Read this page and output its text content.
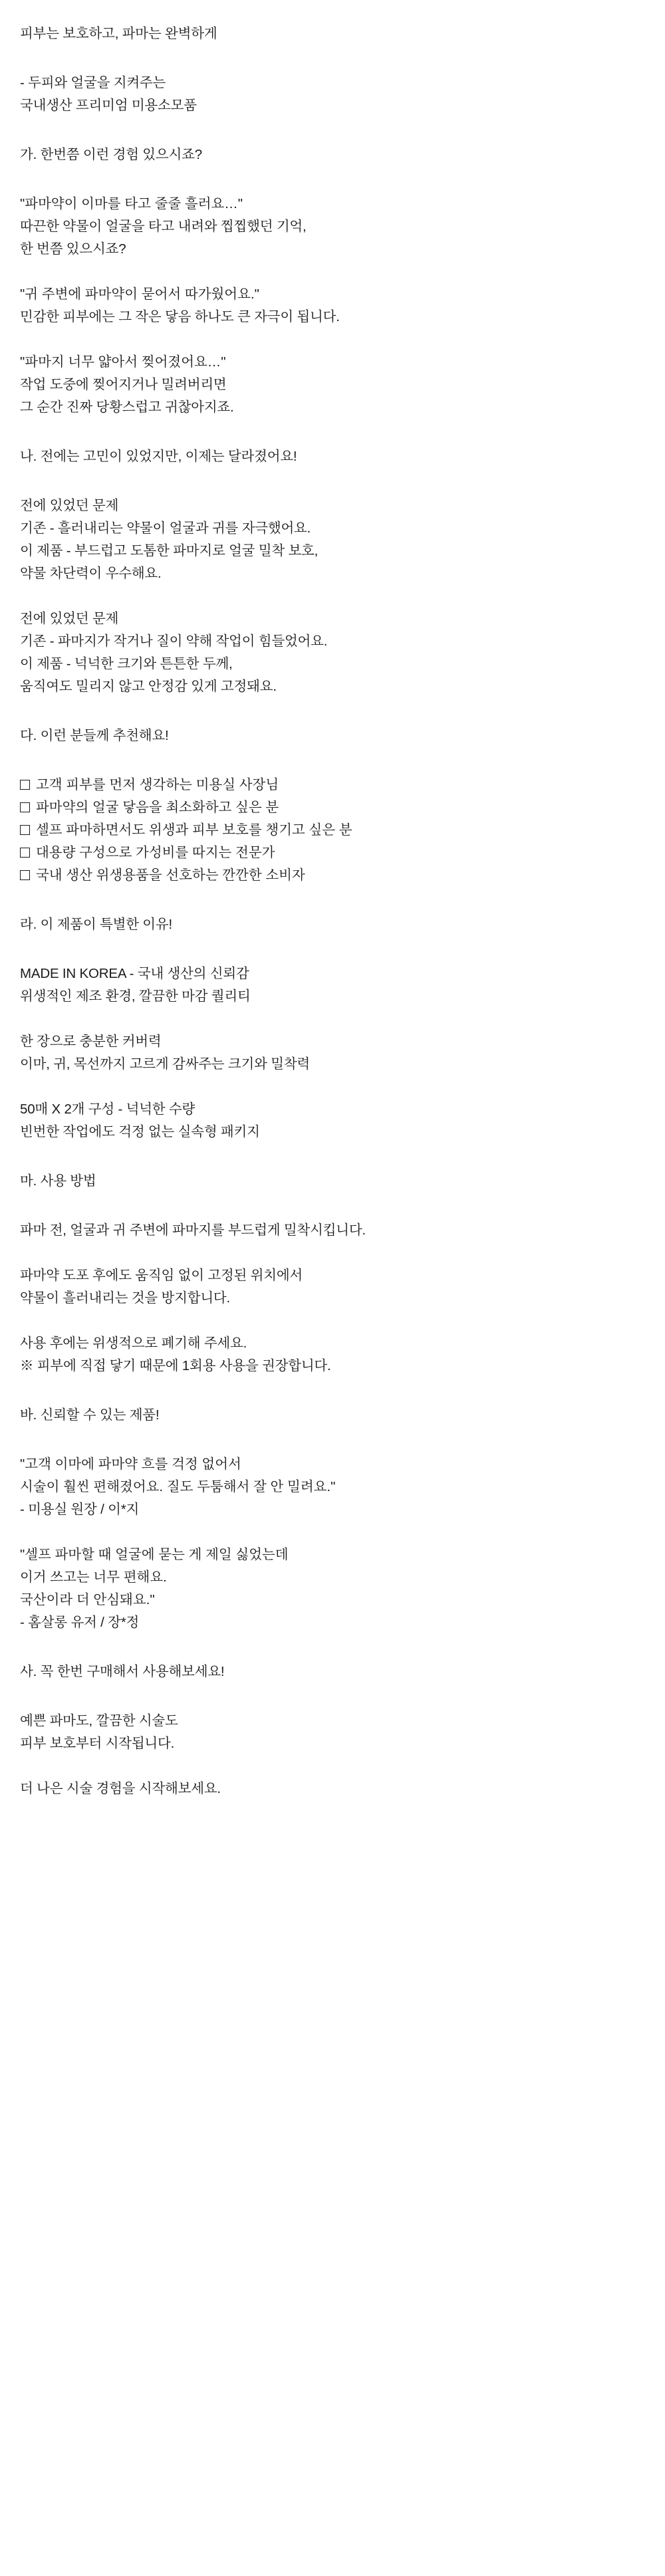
피부는 보호하고, 파마는 완벽하게
- 두피와 얼굴을 지켜주는
국내생산 프리미엄 미용소모품
가. 한번쯤 이런 경험 있으시죠?
"파마약이 이마를 타고 줄줄 흘러요…"
따끈한 약물이 얼굴을 타고 내려와 찝찝했던 기억,
한 번쯤 있으시죠?
"귀 주변에 파마약이 묻어서 따가웠어요."
민감한 피부에는 그 작은 닿음 하나도 큰 자극이 됩니다.
"파마지 너무 얇아서 찢어졌어요…"
작업 도중에 찢어지거나 밀려버리면
그 순간 진짜 당황스럽고 귀찮아지죠.
나. 전에는 고민이 있었지만, 이제는 달라졌어요!
전에 있었던 문제
기존 - 흘러내리는 약물이 얼굴과 귀를 자극했어요.
이 제품 - 부드럽고 도톰한 파마지로 얼굴 밀착 보호,
약물 차단력이 우수해요.
전에 있었던 문제
기존 - 파마지가 작거나 질이 약해 작업이 힘들었어요.
이 제품 - 넉넉한 크기와 튼튼한 두께,
움직여도 밀리지 않고 안정감 있게 고정돼요.
다. 이런 분들께 추천해요!
고객 피부를 먼저 생각하는 미용실 사장님
파마약의 얼굴 닿음을 최소화하고 싶은 분
셀프 파마하면서도 위생과 피부 보호를 챙기고 싶은 분
대용량 구성으로 가성비를 따지는 전문가
국내 생산 위생용품을 선호하는 깐깐한 소비자
라. 이 제품이 특별한 이유!
MADE IN KOREA - 국내 생산의 신뢰감
위생적인 제조 환경, 깔끔한 마감 퀄리티
한 장으로 충분한 커버력
이마, 귀, 목선까지 고르게 감싸주는 크기와 밀착력
50매 X 2개 구성 - 넉넉한 수량
빈번한 작업에도 걱정 없는 실속형 패키지
마. 사용 방법
파마 전, 얼굴과 귀 주변에 파마지를 부드럽게 밀착시킵니다.
파마약 도포 후에도 움직임 없이 고정된 위치에서
약물이 흘러내리는 것을 방지합니다.
사용 후에는 위생적으로 폐기해 주세요.
※ 피부에 직접 닿기 때문에 1회용 사용을 권장합니다.
바. 신뢰할 수 있는 제품!
"고객 이마에 파마약 흐를 걱정 없어서
시술이 훨씬 편해졌어요. 질도 두툼해서 잘 안 밀려요."
- 미용실 원장 / 이*지
"셀프 파마할 때 얼굴에 묻는 게 제일 싫었는데
이거 쓰고는 너무 편해요.
국산이라 더 안심돼요."
- 홈살롱 유저 / 장*정
사. 꼭 한번 구매해서 사용해보세요!
예쁜 파마도, 깔끔한 시술도
피부 보호부터 시작됩니다.
더 나은 시술 경험을 시작해보세요.
